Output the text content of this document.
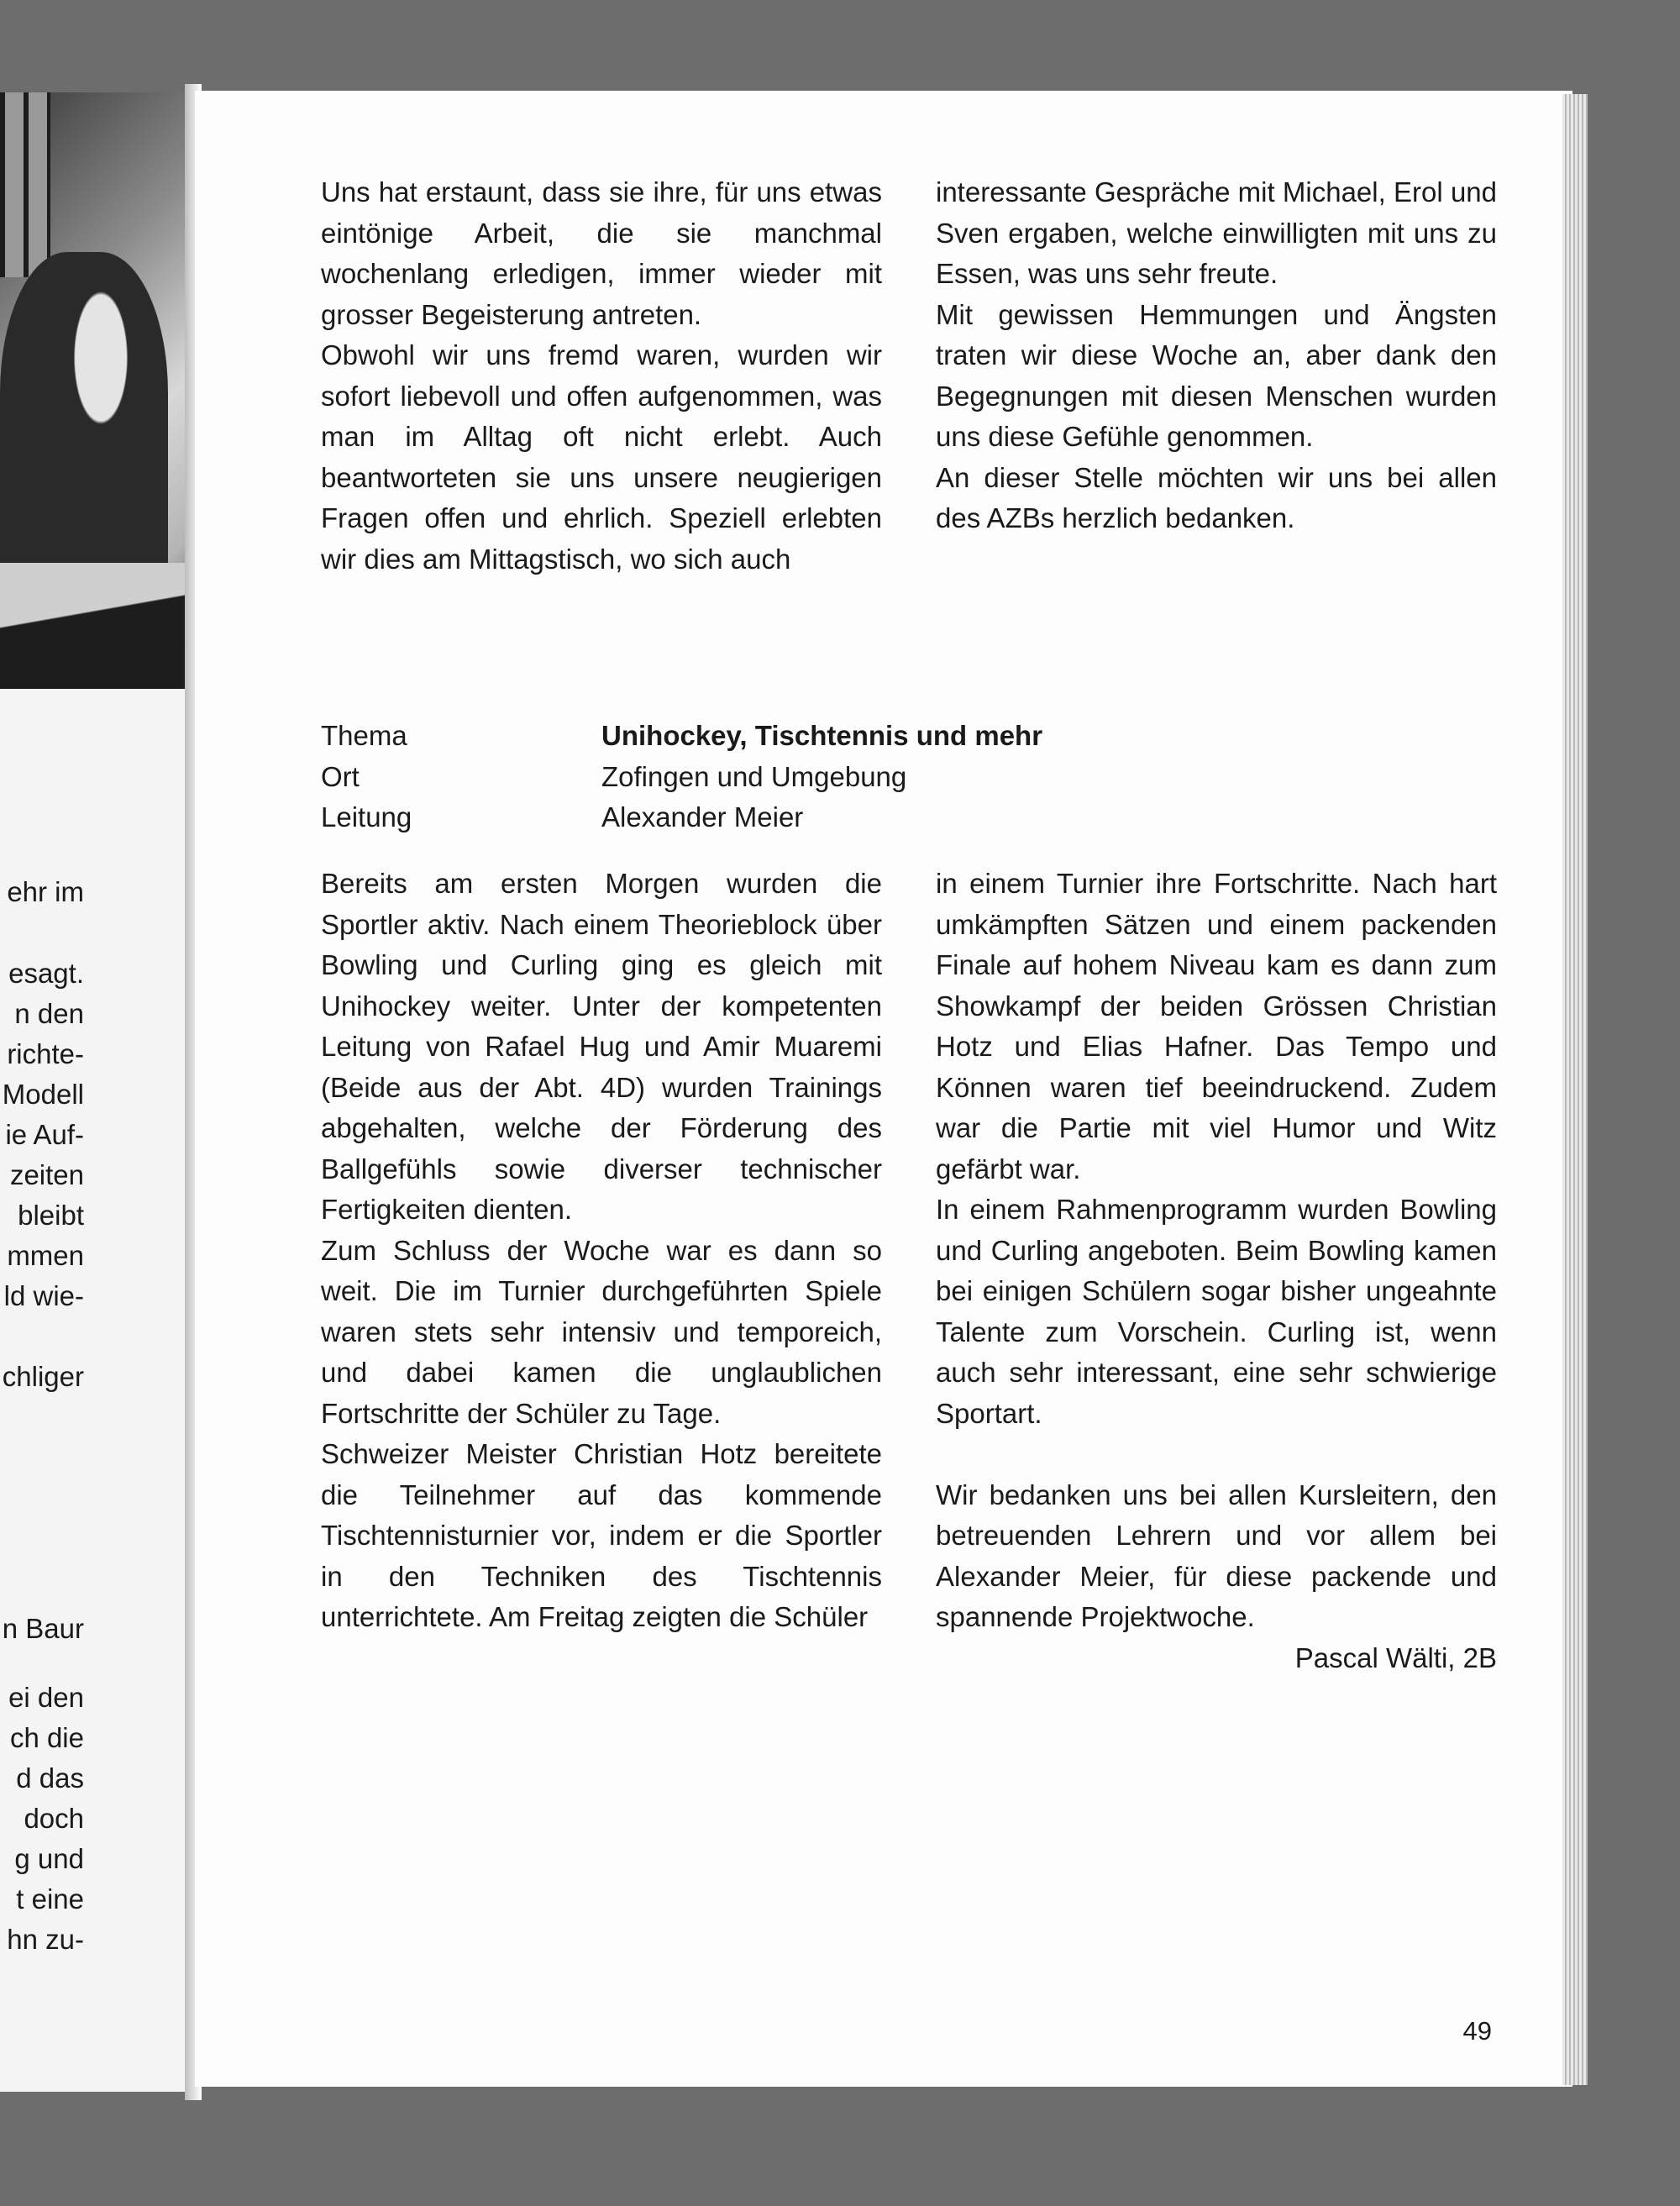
ehr im
esagt.
n den
richte-
Modell
ie Auf-
zeiten
bleibt
mmen
ld wie-
chliger
n Baur
ei den
ch die
d das
doch
g und
t eine
hn zu-

Uns hat erstaunt, dass sie ihre, für uns etwas eintönige Arbeit, die sie manchmal wochenlang erledigen, immer wieder mit grosser Begeisterung antreten.

Obwohl wir uns fremd waren, wurden wir sofort liebevoll und offen aufgenommen, was man im Alltag oft nicht erlebt. Auch beantworteten sie uns unsere neugierigen Fragen offen und ehrlich. Speziell erlebten wir dies am Mittagstisch, wo sich auch

interessante Gespräche mit Michael, Erol und Sven ergaben, welche einwilligten mit uns zu Essen, was uns sehr freute.

Mit gewissen Hemmungen und Ängsten traten wir diese Woche an, aber dank den Begegnungen mit diesen Menschen wurden uns diese Gefühle genommen.

An dieser Stelle möchten wir uns bei allen des AZBs herzlich bedanken.

Thema	Unihockey, Tischtennis und mehr
Ort	Zofingen und Umgebung
Leitung	Alexander Meier

Bereits am ersten Morgen wurden die Sportler aktiv. Nach einem Theorieblock über Bowling und Curling ging es gleich mit Unihockey weiter. Unter der kompetenten Leitung von Rafael Hug und Amir Muaremi (Beide aus der Abt. 4D) wurden Trainings abgehalten, welche der Förderung des Ballgefühls sowie diverser technischer Fertigkeiten dienten.

Zum Schluss der Woche war es dann so weit. Die im Turnier durchgeführten Spiele waren stets sehr intensiv und temporeich, und dabei kamen die unglaublichen Fortschritte der Schüler zu Tage.

Schweizer Meister Christian Hotz bereitete die Teilnehmer auf das kommende Tischtennisturnier vor, indem er die Sportler in den Techniken des Tischtennis unterrichtete. Am Freitag zeigten die Schüler

in einem Turnier ihre Fortschritte. Nach hart umkämpften Sätzen und einem packenden Finale auf hohem Niveau kam es dann zum Showkampf der beiden Grössen Christian Hotz und Elias Hafner. Das Tempo und Können waren tief beeindruckend. Zudem war die Partie mit viel Humor und Witz gefärbt war.

In einem Rahmenprogramm wurden Bowling und Curling angeboten. Beim Bowling kamen bei einigen Schülern sogar bisher ungeahnte Talente zum Vorschein. Curling ist, wenn auch sehr interessant, eine sehr schwierige Sportart.

Wir bedanken uns bei allen Kursleitern, den betreuenden Lehrern und vor allem bei Alexander Meier, für diese packende und spannende Projektwoche.

Pascal Wälti, 2B

49
